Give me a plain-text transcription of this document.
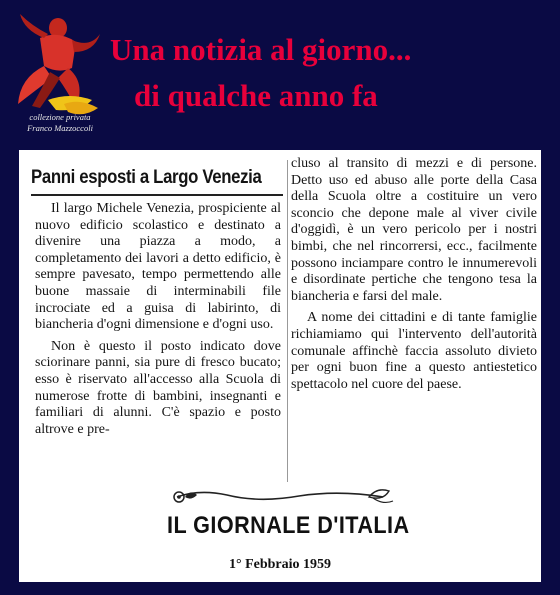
collezione privata
Franco Mazzoccoli
Una notizia al giorno...
di qualche anno fa
Panni esposti a Largo Venezia

Il largo Michele Venezia, prospiciente al nuovo edificio scolastico e destinato a divenire una piazza a modo, a completamento dei lavori a detto edificio, è sempre pavesato, tempo permettendo alle buone massaie di interminabili file incrociate ed a guisa di labirinto, di biancheria d'ogni dimensione e d'ogni uso.

Non è questo il posto indicato dove sciorinare panni, sia pure di fresco bucato; esso è riservato all'accesso alla Scuola di numerose frotte di bambini, insegnanti e familiari di alunni. C'è spazio e posto altrove e pre-

cluso al transito di mezzi e di persone. Detto uso ed abuso alle porte della Casa della Scuola oltre a costituire un vero sconcio che depone male al viver civile d'oggidì, è un vero pericolo per i nostri bimbi, che nel rincorrersi, ecc., facilmente possono inciampare contro le innumerevoli e disordinate pertiche che tengono tesa la biancheria e farsi del male.

A nome dei cittadini e di tante famiglie richiamiamo qui l'intervento dell'autorità comunale affinchè faccia assoluto divieto per ogni buon fine a questo antiestetico spettacolo nel cuore del paese.

IL GIORNALE D'ITALIA
1° Febbraio 1959
